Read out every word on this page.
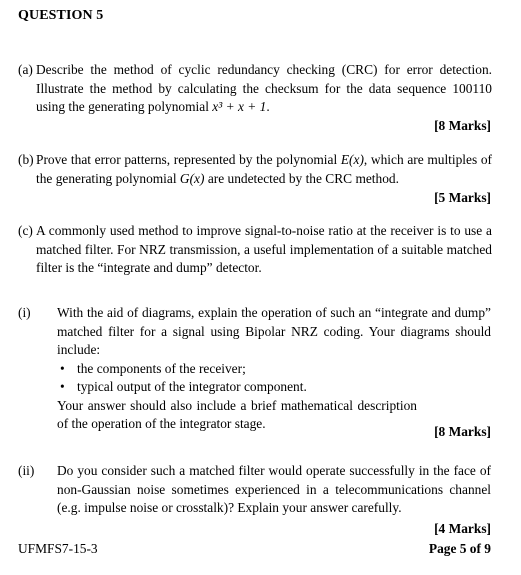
QUESTION 5
(a) Describe the method of cyclic redundancy checking (CRC) for error detection. Illustrate the method by calculating the checksum for the data sequence 100110 using the generating polynomial x³ + x + 1.
[8 Marks]
(b) Prove that error patterns, represented by the polynomial E(x), which are multiples of the generating polynomial G(x) are undetected by the CRC method.
[5 Marks]
(c) A commonly used method to improve signal-to-noise ratio at the receiver is to use a matched filter. For NRZ transmission, a useful implementation of a suitable matched filter is the “integrate and dump” detector.
(i) With the aid of diagrams, explain the operation of such an “integrate and dump” matched filter for a signal using Bipolar NRZ coding. Your diagrams should include:
• the components of the receiver;
• typical output of the integrator component.
Your answer should also include a brief mathematical description of the operation of the integrator stage.
[8 Marks]
(ii) Do you consider such a matched filter would operate successfully in the face of non-Gaussian noise sometimes experienced in a telecommunications channel (e.g. impulse noise or crosstalk)? Explain your answer carefully.
[4 Marks]
UFMFS7-15-3	Page 5 of 9
